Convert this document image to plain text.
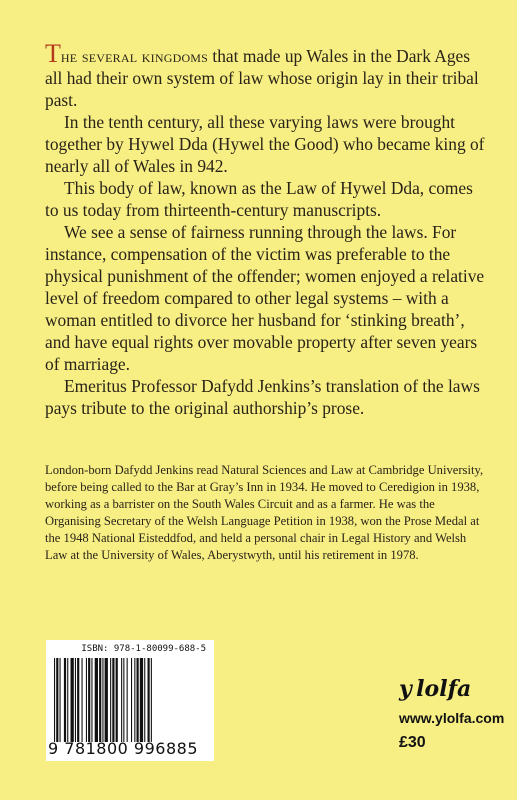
The several kingdoms that made up Wales in the Dark Ages all had their own system of law whose origin lay in their tribal past.

In the tenth century, all these varying laws were brought together by Hywel Dda (Hywel the Good) who became king of nearly all of Wales in 942.

This body of law, known as the Law of Hywel Dda, comes to us today from thirteenth-century manuscripts.

We see a sense of fairness running through the laws. For instance, compensation of the victim was preferable to the physical punishment of the offender; women enjoyed a relative level of freedom compared to other legal systems – with a woman entitled to divorce her husband for ‘stinking breath’, and have equal rights over movable property after seven years of marriage.

Emeritus Professor Dafydd Jenkins’s translation of the laws pays tribute to the original authorship’s prose.

London-born Dafydd Jenkins read Natural Sciences and Law at Cambridge University, before being called to the Bar at Gray’s Inn in 1934. He moved to Ceredigion in 1938, working as a barrister on the South Wales Circuit and as a farmer. He was the Organising Secretary of the Welsh Language Petition in 1938, won the Prose Medal at the 1948 National Eisteddfod, and held a personal chair in Legal History and Welsh Law at the University of Wales, Aberystwyth, until his retirement in 1978.

ISBN: 978-1-80099-688-5
9 781800 996885
y lolfa
www.ylolfa.com
£30
